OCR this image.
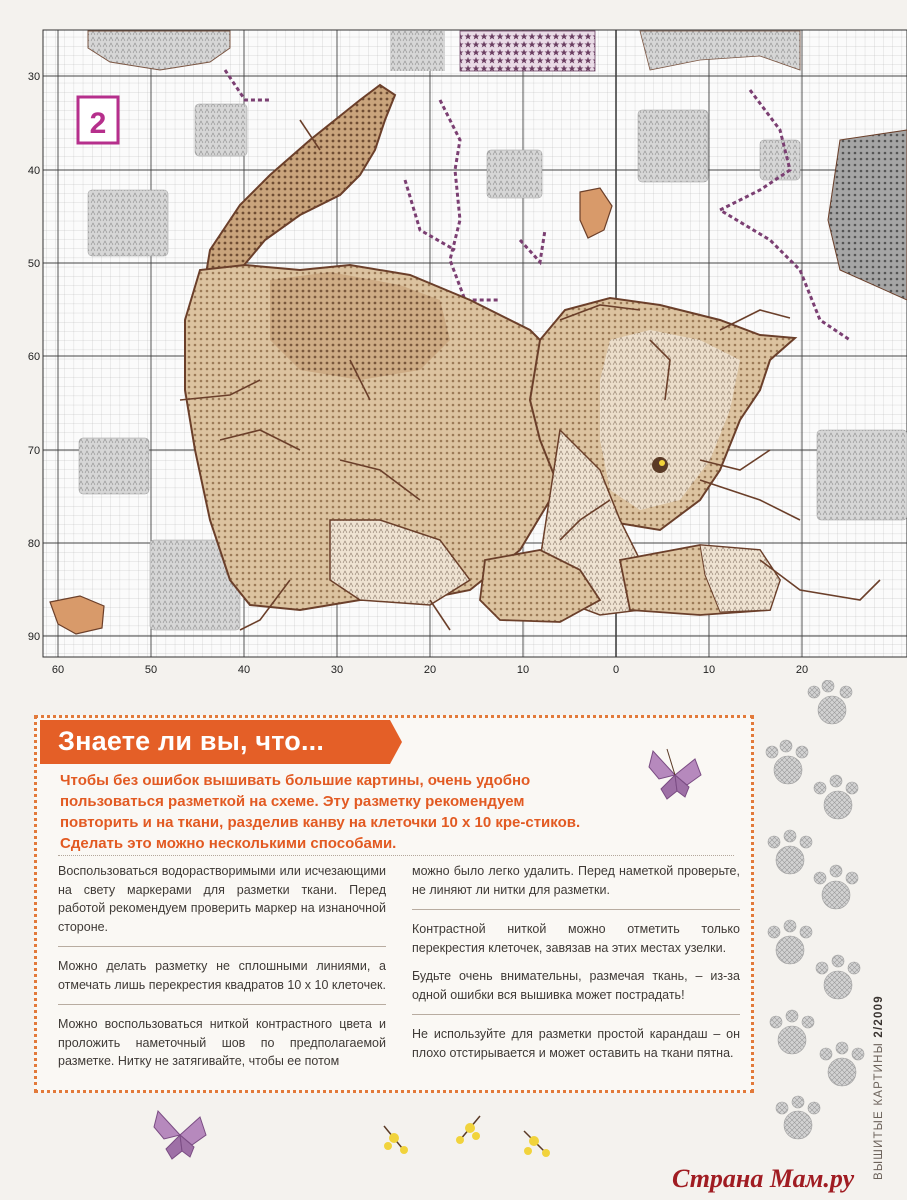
2
30
40
50
60
70
80
90
60	50	40	30	20	10	0	10	20
Знаете ли вы, что...

Чтобы без ошибок вышивать большие картины, очень удобно пользоваться разметкой на схеме. Эту разметку рекомендуем повторить и на ткани, разделив канву на клеточки 10 х 10 кре-стиков. Сделать это можно несколькими способами.

Воспользоваться водорастворимыми или исчезающими на свету маркерами для разметки ткани. Перед работой рекомендуем проверить маркер на изнаночной стороне.

Можно делать разметку не сплошными линиями, а отмечать лишь перекрестия квадратов 10 х 10 клеточек.

Можно воспользоваться ниткой контрастного цвета и проложить наметочный шов по предполагаемой разметке. Нитку не затягивайте, чтобы ее потом

можно было легко удалить. Перед наметкой проверьте, не линяют ли нитки для разметки.

Контрастной ниткой можно отметить только перекрестия клеточек, завязав на этих местах узелки.

Будьте очень внимательны, размечая ткань, – из-за одной ошибки вся вышивка может пострадать!

Не используйте для разметки простой карандаш – он плохо отстирывается и может оставить на ткани пятна.	ВЫШИТЫЕ КАРТИНЫ 2/2009
Страна Мам.ру
